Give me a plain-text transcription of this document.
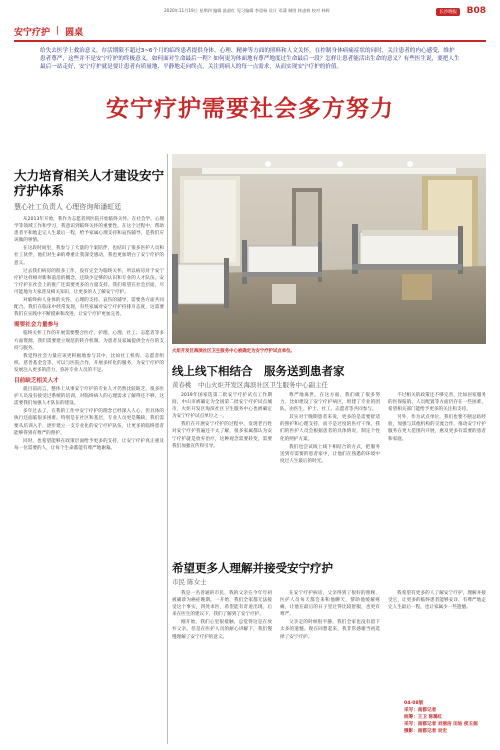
2020年11月19日 星期四 编辑 最最红 见习编辑 李思杨 设计 邓潇 制图 林凌林 校对 林晖	长沙晚报	B08
安宁疗护 | 圆桌
给失去医学上救治意义，存活期限不超过3~6个月的临终患者提供身体、心理、精神等方面的照料和人文关怀，在控制身体病痛症状的同时，关注患者的内心感受，维护患者尊严，这些并不是安宁疗护的终极意义。如何面对生命最后一程？如何更为体面地有尊严地度过生命最后一段？怎样让患者能活出生命的意义？有些医生说，要把人生最后一站走好，安宁疗护就是要让患者有质量地、平静地走向终点，关注到病人的每一点需求，从而实现安宁疗护的价值。
安宁疗护需要社会多方努力
大力培育相关人才建设安宁疗护体系
慧心社工负责人 心理咨询师潘虹廷

从2013年开始，我作为志愿者到医院开始临终关怀，在社会学、心理学等领域工作和学习，我意识到临终关怀的重要性。在这个过程中，帮助患者平和地走完人生最后一程，给予家属心理支持和哀伤辅导，是我们应该做的事情。

在这段时间里，我参与了大量的个案陪伴，也结识了很多医护人员和社工伙伴，他们对生命的尊重让我深受感动，我也更加明白了安宁疗护的意义。

过去我们病房的很多工作，没有完全为临终关怀，所以病房对于安宁疗护这样相对新和前沿的概念，还缺少足够的认识和专业的人才队伍。安宁疗护在社会上的推广还需要更多的力量支持。我们希望在社会层面，尽可能地为大家普及相关知识，让更多的人了解安宁疗护。

对临终病人身体的关怀、心理的支持、哀伤的辅导，需要各方面共同配合。我们在临床中经常发现，有些家属对安宁疗护持排斥态度，这需要我们在实践中不断摸索和改进，让安宁疗护更加完善。

需要社会力量参与

临终关怀工作的开展需要整合医疗、护理、心理、社工、志愿者等多方面资源，我们需要建立规范的转介机制，为患者及家属提供全方位的支持与服务。

我觉得社会力量应该更积极地参与其中，比如社工机构、志愿者组织、慈善基金会等，可以与医院合作，开展多样化的服务，为安宁疗护的发展注入更多的活力，弥补专业人员的不足。

目前缺乏相关人才

就目前而言，整体上从事安宁疗护的专业人才仍然比较缺乏。很多医护人员没有接受过系统的培训，对临终病人的心理需求了解得还不够，这需要我们加强人才队伍的建设。

多年过去了，在我的工作中安宁疗护的理念已经深入人心，但具体的执行还面临很多困难。特别是在社区和基层，专业人员更是稀缺，我们需要从培训入手，逐步建立一支专业化的安宁疗护队伍，让更多的临终患者能够得到有尊严的照护。

同时，也希望能够在政策层面给予更多的支持，让安宁疗护真正惠及每一位需要的人，让每个生命都能有尊严地谢幕。

火炬开发区海滨社区卫生服务中心被确定为安宁疗护试点单位。
线上线下相结合　服务送到患者家
黄春桃　中山火炬开发区海滨社区卫生服务中心副主任

2019年国家选第二批安宁疗护试点工作期间，中山市被确定为全国第二批安宁疗护试点城市，火炬开发区海滨社区卫生服务中心也被确定为安宁疗护试点单位之一。

我们在开展安宁疗护的过程中，发现老百姓对安宁疗护普遍还不太了解，很多家属都认为安宁疗护就是放弃治疗，这种观念需要转变，需要我们加强宣传和引导。

尊严地离世。在这方面，我们做了很多努力，比如建设了安宁疗护病区，组建了专业的团队，由医生、护士、社工、志愿者等共同参与。

其实对于晚期患者来说，更多的是需要舒适的照护和心理支持，而不是过度的医疗干预。我们的医护人员会根据患者的具体情况，制定个性化的照护方案。

我们也尝试线上线下相结合的方式，把服务送到有需要的患者家中，让他们在熟悉的环境中度过人生最后的时光。

不过相关的政策还不够完善，比如居家服务的医保报销、人员配置等方面仍存在一些困难，希望相关部门能给予更多的关注和支持。

另外，作为试点单位，我们也要不断总结经验，加强与其他机构的交流合作，推动安宁疗护服务在更大范围内开展，惠及更多有需要的患者和家庭。

希望更多人理解并接受安宁疗护
市民 陈女士

我是一名普通的市民，我的父亲在今年年初被确诊为癌症晚期。一开始，我们全家都无法接受这个事实，四处求医，希望能有奇迹出现。后来在医生的建议下，我们了解到了安宁疗护。

刚开始，我们心里很抵触，总觉得这是在放弃父亲。但是在医护人员的耐心讲解下，我们慢慢理解了安宁疗护的意义。

在安宁疗护病房，父亲得到了很好的照顾，医护人员每天都会来和他聊天，帮助他缓解疼痛，让他在最后的日子里过得比较舒服，也更有尊严。

父亲走的时候很平静，我们全家也没有留下太多的遗憾。现在回想起来，我非常感谢当初选择了安宁疗护。

我希望有更多的人了解安宁疗护，理解并接受它，让更多的临终患者能够安详、有尊严地走完人生最后一程，也让家属少一些遗憾。

04-08版
采写：南都记者
统筹：王卫 陈璐红
采写：南都记者 刘丽洁 田姑 侯玉娟
摄影：南都记者 吴宏
